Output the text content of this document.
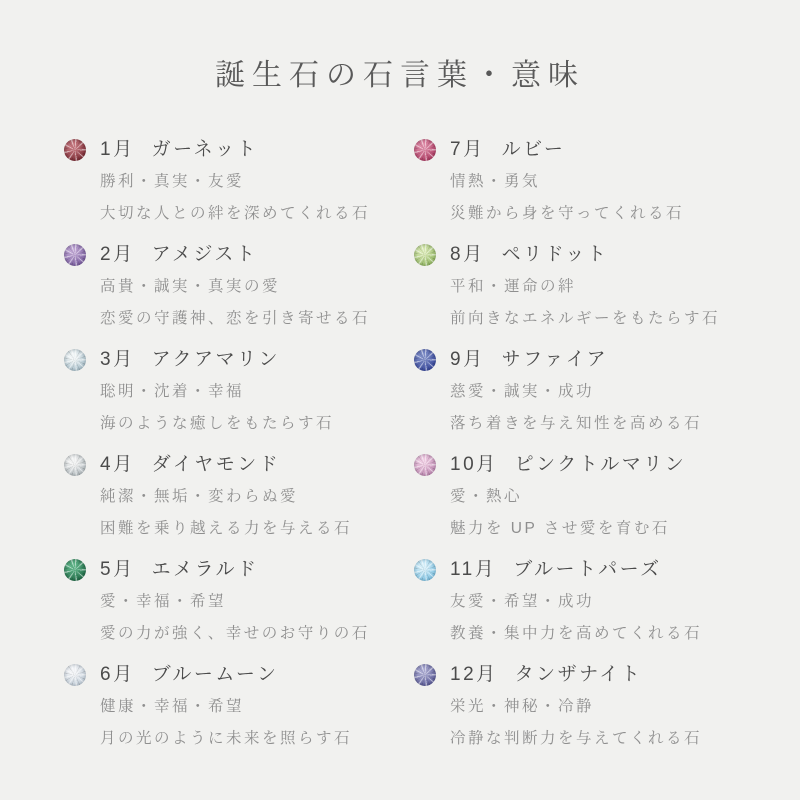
誕生石の石言葉・意味
1月 ガーネット
勝利・真実・友愛
大切な人との絆を深めてくれる石
2月 アメジスト
高貴・誠実・真実の愛
恋愛の守護神、恋を引き寄せる石
3月 アクアマリン
聡明・沈着・幸福
海のような癒しをもたらす石
4月 ダイヤモンド
純潔・無垢・変わらぬ愛
困難を乗り越える力を与える石
5月 エメラルド
愛・幸福・希望
愛の力が強く、幸せのお守りの石
6月 ブルームーン
健康・幸福・希望
月の光のように未来を照らす石
7月 ルビー
情熱・勇気
災難から身を守ってくれる石
8月 ペリドット
平和・運命の絆
前向きなエネルギーをもたらす石
9月 サファイア
慈愛・誠実・成功
落ち着きを与え知性を高める石
10月 ピンクトルマリン
愛・熱心
魅力を UP させ愛を育む石
11月 ブルートパーズ
友愛・希望・成功
教養・集中力を高めてくれる石
12月 タンザナイト
栄光・神秘・冷静
冷静な判断力を与えてくれる石
